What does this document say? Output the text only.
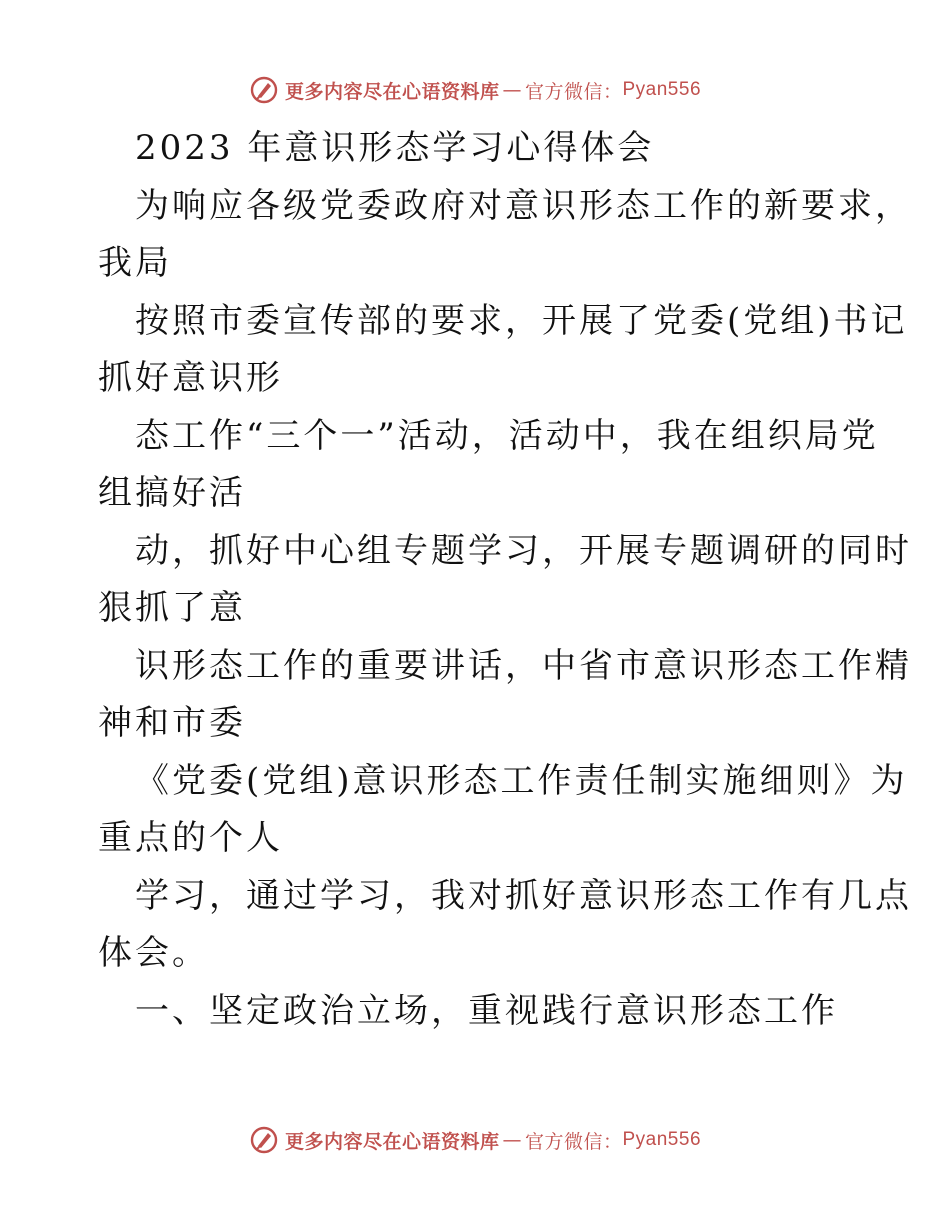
更多内容尽在心语资料库 — 官方微信： Pyan556
2023 年意识形态学习心得体会
为响应各级党委政府对意识形态工作的新要求，
我局
按照市委宣传部的要求，开展了党委(党组)书记
抓好意识形
态工作“三个一”活动，活动中，我在组织局党
组搞好活
动，抓好中心组专题学习，开展专题调研的同时
狠抓了意
识形态工作的重要讲话，中省市意识形态工作精
神和市委
《党委(党组)意识形态工作责任制实施细则》为
重点的个人
学习，通过学习，我对抓好意识形态工作有几点
体会。
一、坚定政治立场，重视践行意识形态工作
更多内容尽在心语资料库 — 官方微信： Pyan556
